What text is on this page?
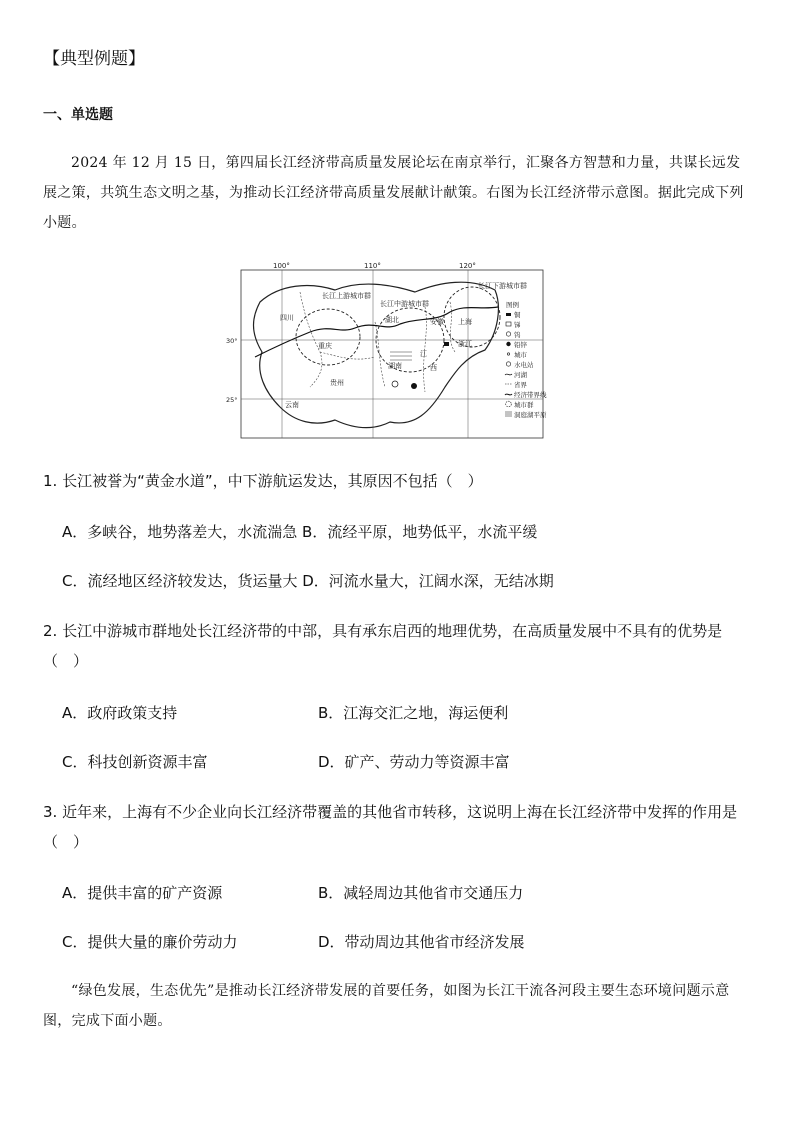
【典型例题】
一、单选题
2024 年 12 月 15 日，第四届长江经济带高质量发展论坛在南京举行，汇聚各方智慧和力量，共谋长远发展之策，共筑生态文明之基，为推动长江经济带高质量发展献计献策。右图为长江经济带示意图。据此完成下列小题。
100°	110°	120°
30°
25°
长江上游城市群
长江中游城市群
长江下游城市群
四川
重庆
贵州
云南
湖北
湖南
江
西
安徽 上海
浙江
图例
铜
锑
钨
铅锌
城市
水电站
河湖
省界
经济带界线
城市群
洞庭湖平原
1. 长江被誉为“黄金水道”，中下游航运发达，其原因不包括（　）
A．多峡谷，地势落差大，水流湍急 B．流经平原，地势低平，水流平缓
C．流经地区经济较发达，货运量大 D．河流水量大，江阔水深，无结冰期
2. 长江中游城市群地处长江经济带的中部，具有承东启西的地理优势，在高质量发展中不具有的优势是（　）
A．政府政策支持	B．江海交汇之地，海运便利
C．科技创新资源丰富	D．矿产、劳动力等资源丰富
3. 近年来，上海有不少企业向长江经济带覆盖的其他省市转移，这说明上海在长江经济带中发挥的作用是（　）
A．提供丰富的矿产资源	B．减轻周边其他省市交通压力
C．提供大量的廉价劳动力	D．带动周边其他省市经济发展
“绿色发展，生态优先”是推动长江经济带发展的首要任务，如图为长江干流各河段主要生态环境问题示意图，完成下面小题。
